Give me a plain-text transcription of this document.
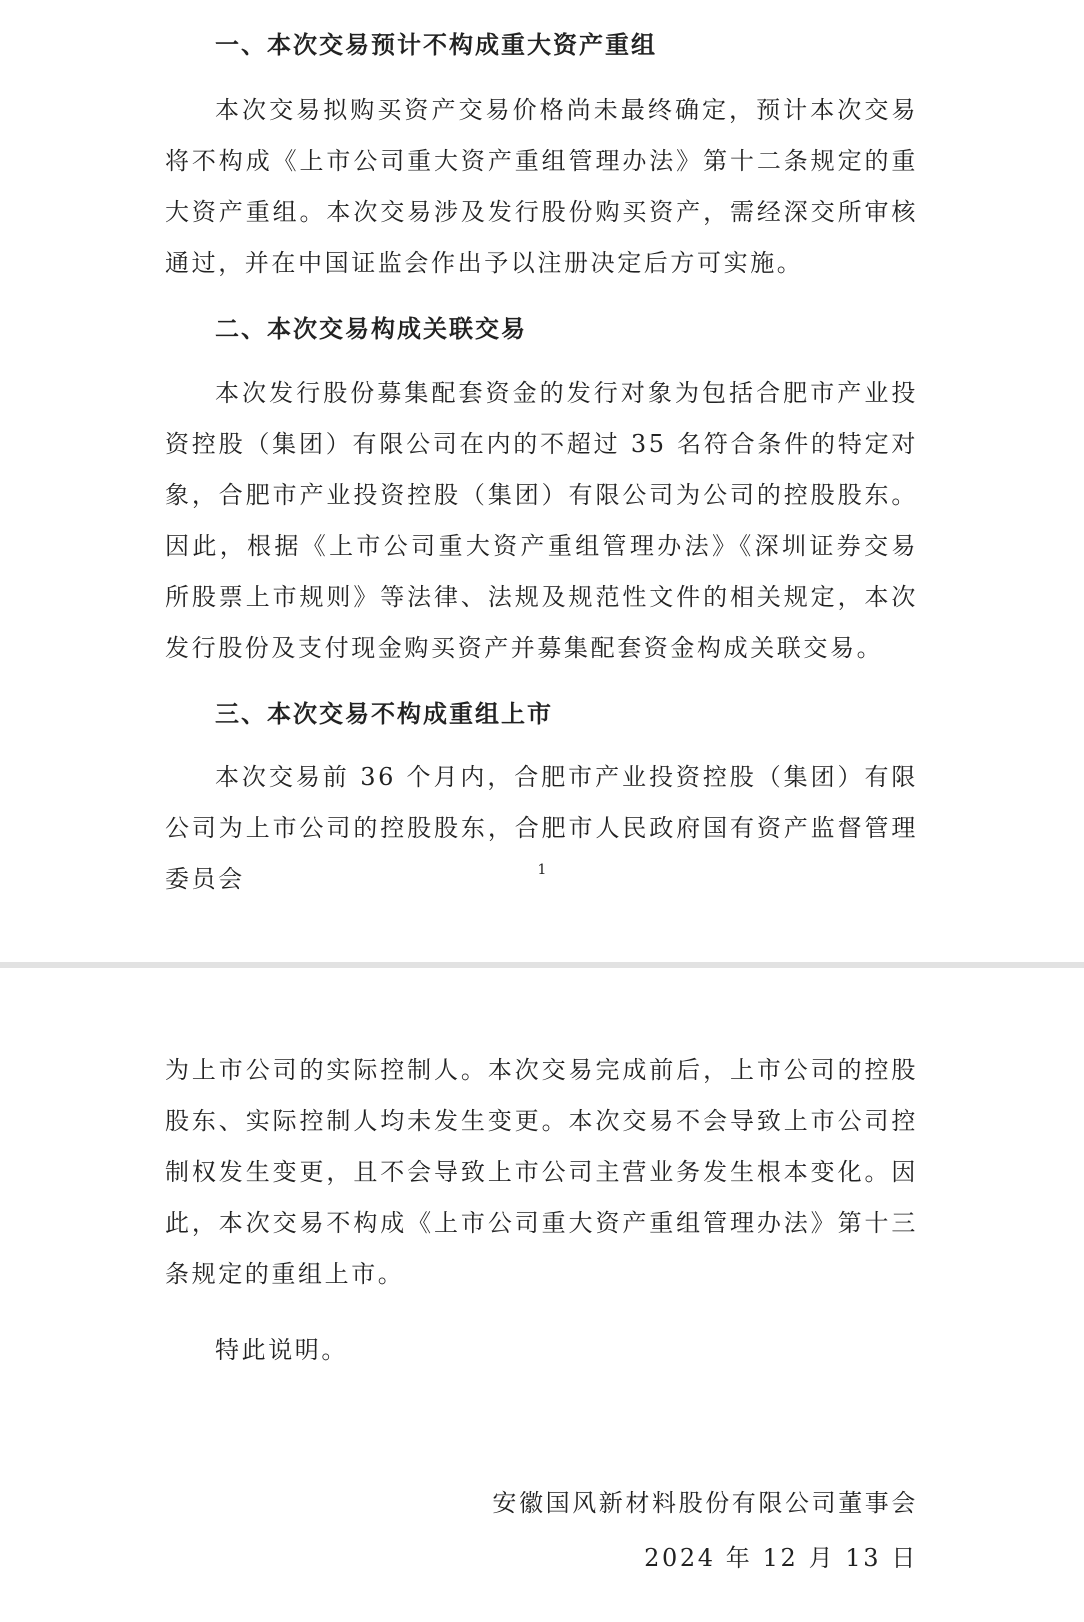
一、本次交易预计不构成重大资产重组

本次交易拟购买资产交易价格尚未最终确定，预计本次交易将不构成《上市公司重大资产重组管理办法》第十二条规定的重大资产重组。本次交易涉及发行股份购买资产，需经深交所审核通过，并在中国证监会作出予以注册决定后方可实施。

二、本次交易构成关联交易

本次发行股份募集配套资金的发行对象为包括合肥市产业投资控股（集团）有限公司在内的不超过 35 名符合条件的特定对象，合肥市产业投资控股（集团）有限公司为公司的控股股东。因此，根据《上市公司重大资产重组管理办法》《深圳证券交易所股票上市规则》等法律、法规及规范性文件的相关规定，本次发行股份及支付现金购买资产并募集配套资金构成关联交易。

三、本次交易不构成重组上市

本次交易前 36 个月内，合肥市产业投资控股（集团）有限公司为上市公司的控股股东，合肥市人民政府国有资产监督管理委员会	1

为上市公司的实际控制人。本次交易完成前后，上市公司的控股股东、实际控制人均未发生变更。本次交易不会导致上市公司控制权发生变更，且不会导致上市公司主营业务发生根本变化。因此，本次交易不构成《上市公司重大资产重组管理办法》第十三条规定的重组上市。

特此说明。
安徽国风新材料股份有限公司董事会
2024 年 12 月 13 日
